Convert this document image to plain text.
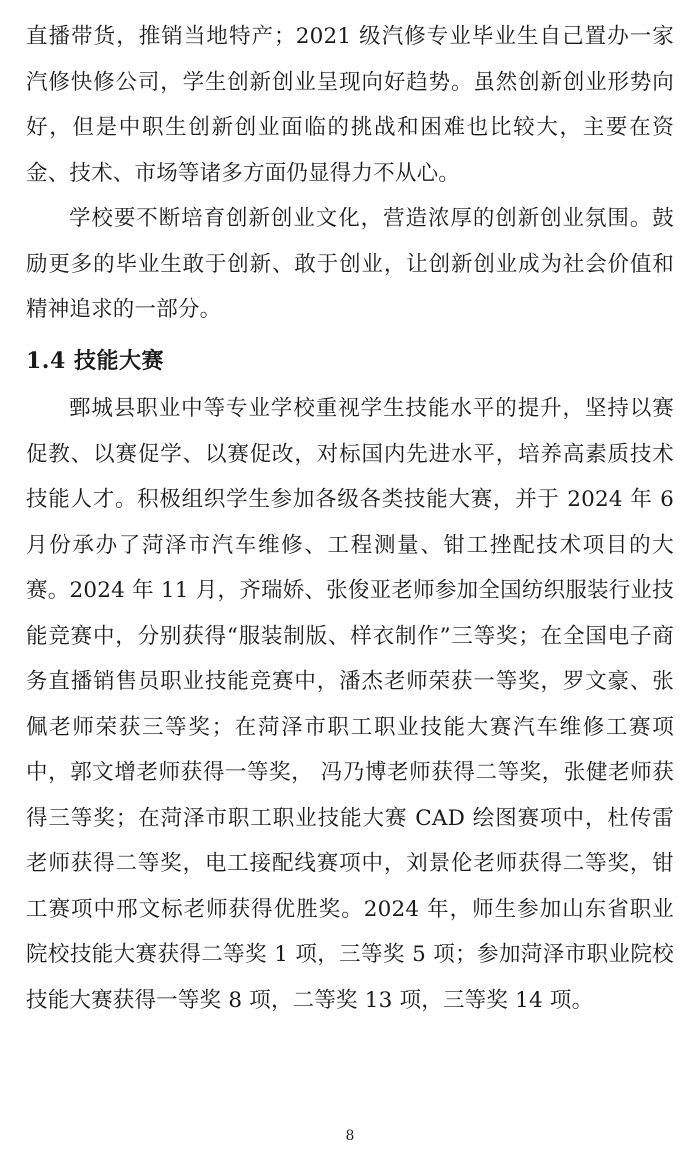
直播带货，推销当地特产；2021 级汽修专业毕业生自己置办一家汽修快修公司，学生创新创业呈现向好趋势。虽然创新创业形势向好，但是中职生创新创业面临的挑战和困难也比较大，主要在资金、技术、市场等诸多方面仍显得力不从心。

学校要不断培育创新创业文化，营造浓厚的创新创业氛围。鼓励更多的毕业生敢于创新、敢于创业，让创新创业成为社会价值和精神追求的一部分。

1.4 技能大赛

鄄城县职业中等专业学校重视学生技能水平的提升，坚持以赛促教、以赛促学、以赛促改，对标国内先进水平，培养高素质技术技能人才。积极组织学生参加各级各类技能大赛，并于 2024 年 6 月份承办了菏泽市汽车维修、工程测量、钳工挫配技术项目的大赛。2024 年 11 月，齐瑞娇、张俊亚老师参加全国纺织服装行业技能竞赛中，分别获得“服装制版、样衣制作”三等奖；在全国电子商务直播销售员职业技能竞赛中，潘杰老师荣获一等奖，罗文豪、张佩老师荣获三等奖；在菏泽市职工职业技能大赛汽车维修工赛项中，郭文增老师获得一等奖， 冯乃博老师获得二等奖，张健老师获得三等奖；在菏泽市职工职业技能大赛 CAD 绘图赛项中，杜传雷老师获得二等奖，电工接配线赛项中，刘景伦老师获得二等奖，钳工赛项中邢文标老师获得优胜奖。2024 年，师生参加山东省职业院校技能大赛获得二等奖 1 项，三等奖 5 项；参加菏泽市职业院校技能大赛获得一等奖 8 项，二等奖 13 项，三等奖 14 项。

8
